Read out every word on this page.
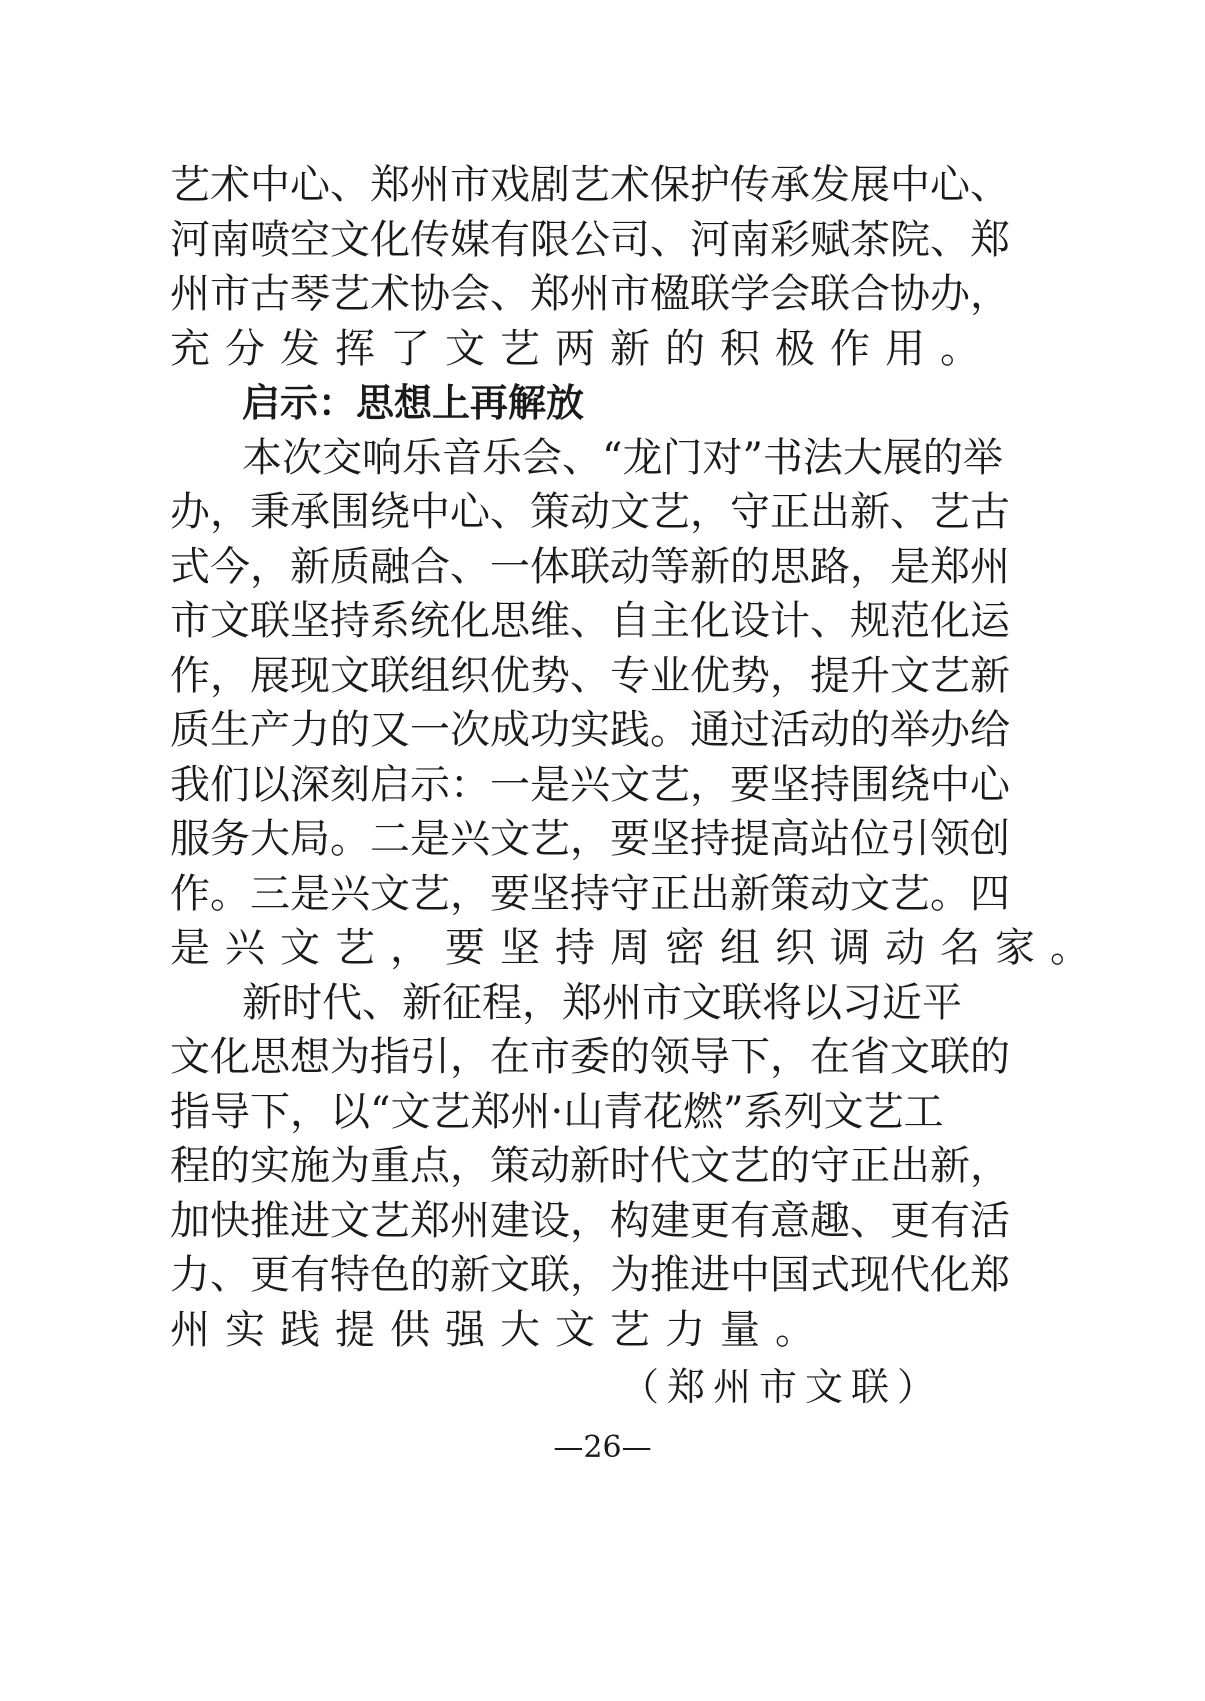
艺术中心、郑州市戏剧艺术保护传承发展中心、
河南喷空文化传媒有限公司、河南彩赋茶院、郑
州市古琴艺术协会、郑州市楹联学会联合协办，
充分发挥了文艺两新的积极作用。
启示：思想上再解放
本次交响乐音乐会、“龙门对”书法大展的举
办，秉承围绕中心、策动文艺，守正出新、艺古
式今，新质融合、一体联动等新的思路，是郑州
市文联坚持系统化思维、自主化设计、规范化运
作，展现文联组织优势、专业优势，提升文艺新
质生产力的又一次成功实践。通过活动的举办给
我们以深刻启示：一是兴文艺，要坚持围绕中心
服务大局。二是兴文艺，要坚持提高站位引领创
作。三是兴文艺，要坚持守正出新策动文艺。四
是兴文艺，要坚持周密组织调动名家。
新时代、新征程，郑州市文联将以习近平
文化思想为指引，在市委的领导下，在省文联的
指导下，以“文艺郑州·山青花燃”系列文艺工
程的实施为重点，策动新时代文艺的守正出新，
加快推进文艺郑州建设，构建更有意趣、更有活
力、更有特色的新文联，为推进中国式现代化郑
州实践提供强大文艺力量。
（郑州市文联）
—26—
